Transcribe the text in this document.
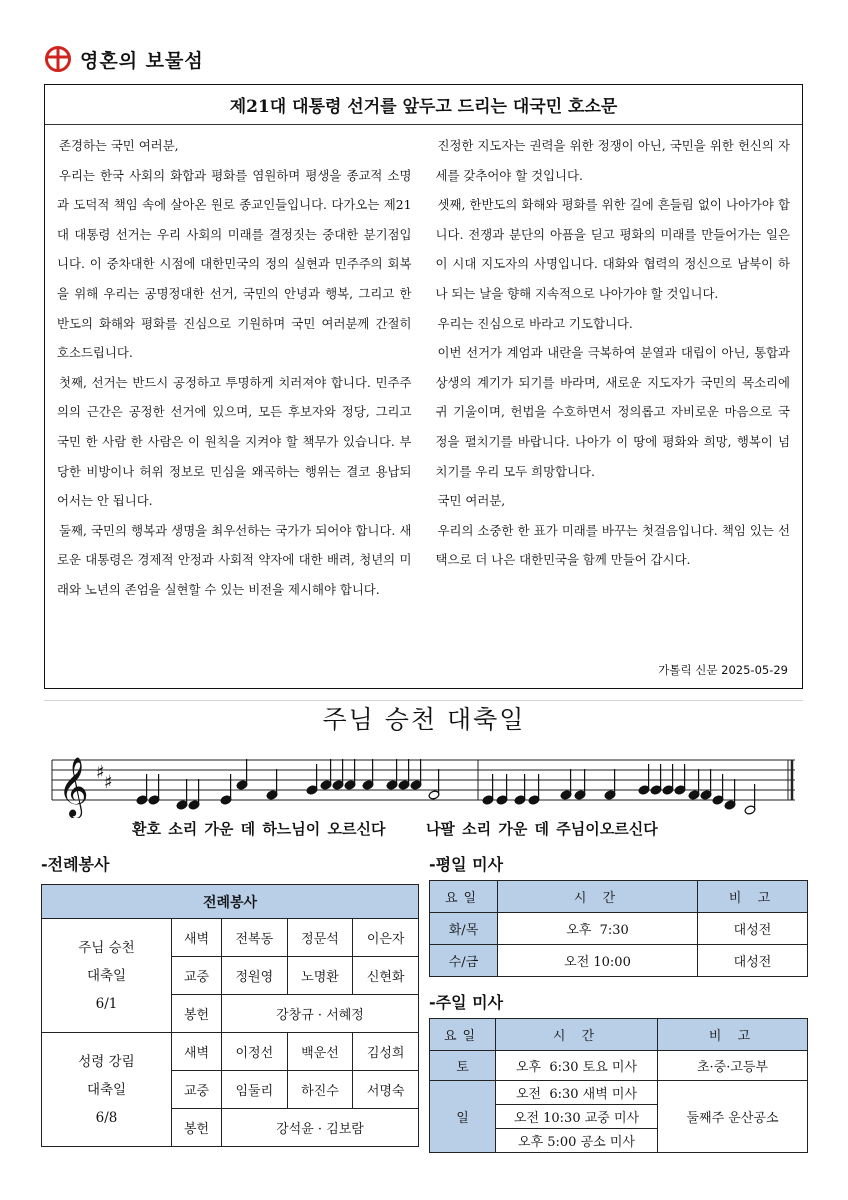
영혼의 보물섬
제21대 대통령 선거를 앞두고 드리는 대국민 호소문

존경하는 국민 여러분,

우리는 한국 사회의 화합과 평화를 염원하며 평생을 종교적 소명과 도덕적 책임 속에 살아온 원로 종교인들입니다. 다가오는 제21대 대통령 선거는 우리 사회의 미래를 결정짓는 중대한 분기점입니다. 이 중차대한 시점에 대한민국의 정의 실현과 민주주의 회복을 위해 우리는 공명정대한 선거, 국민의 안녕과 행복, 그리고 한반도의 화해와 평화를 진심으로 기원하며 국민 여러분께 간절히 호소드립니다.

첫째, 선거는 반드시 공정하고 투명하게 치러져야 합니다. 민주주의의 근간은 공정한 선거에 있으며, 모든 후보자와 정당, 그리고 국민 한 사람 한 사람은 이 원칙을 지켜야 할 책무가 있습니다. 부당한 비방이나 허위 정보로 민심을 왜곡하는 행위는 결코 용납되어서는 안 됩니다.

둘째, 국민의 행복과 생명을 최우선하는 국가가 되어야 합니다. 새로운 대통령은 경제적 안정과 사회적 약자에 대한 배려, 청년의 미래와 노년의 존엄을 실현할 수 있는 비전을 제시해야 합니다.

진정한 지도자는 권력을 위한 정쟁이 아닌, 국민을 위한 헌신의 자세를 갖추어야 할 것입니다.

셋째, 한반도의 화해와 평화를 위한 길에 흔들림 없이 나아가야 합니다. 전쟁과 분단의 아픔을 딛고 평화의 미래를 만들어가는 일은 이 시대 지도자의 사명입니다. 대화와 협력의 정신으로 남북이 하나 되는 날을 향해 지속적으로 나아가야 할 것입니다.

우리는 진심으로 바라고 기도합니다.

이번 선거가 계엄과 내란을 극복하여 분열과 대립이 아닌, 통합과 상생의 계기가 되기를 바라며, 새로운 지도자가 국민의 목소리에 귀 기울이며, 헌법을 수호하면서 정의롭고 자비로운 마음으로 국정을 펼치기를 바랍니다. 나아가 이 땅에 평화와 희망, 행복이 넘치기를 우리 모두 희망합니다.

국민 여러분,

우리의 소중한 한 표가 미래를 바꾸는 첫걸음입니다. 책임 있는 선택으로 더 나은 대한민국을 함께 만들어 갑시다.

가톨릭 신문 2025-05-29
주님 승천 대축일
𝄞 ♯ ♯
환호 소리 가운 데 하느님이 오르신다	나팔 소리 가운 데 주님이오르신다
-전례봉사	-평일 미사
-주일 미사
전례봉사				

주님 승천
대축일
6/1	새벽	전복동	정문석	이은자
	교중	정원영	노명환	신현화
	봉헌	강창규 · 서혜정		

성령 강림
대축일
6/8	새벽	이정선	백운선	김성희
	교중	임둘리	하진수	서명숙
	봉헌	강석윤 · 김보람		
요일	시 간	비 고
화/목	오후  7:30	대성전
수/금	오전 10:00	대성전
요일	시 간	비 고
토	오후  6:30 토요 미사	초·중·고등부
일	오전  6:30 새벽 미사	둘째주 운산공소
	오전 10:30 교중 미사	
	오후 5:00 공소 미사	
